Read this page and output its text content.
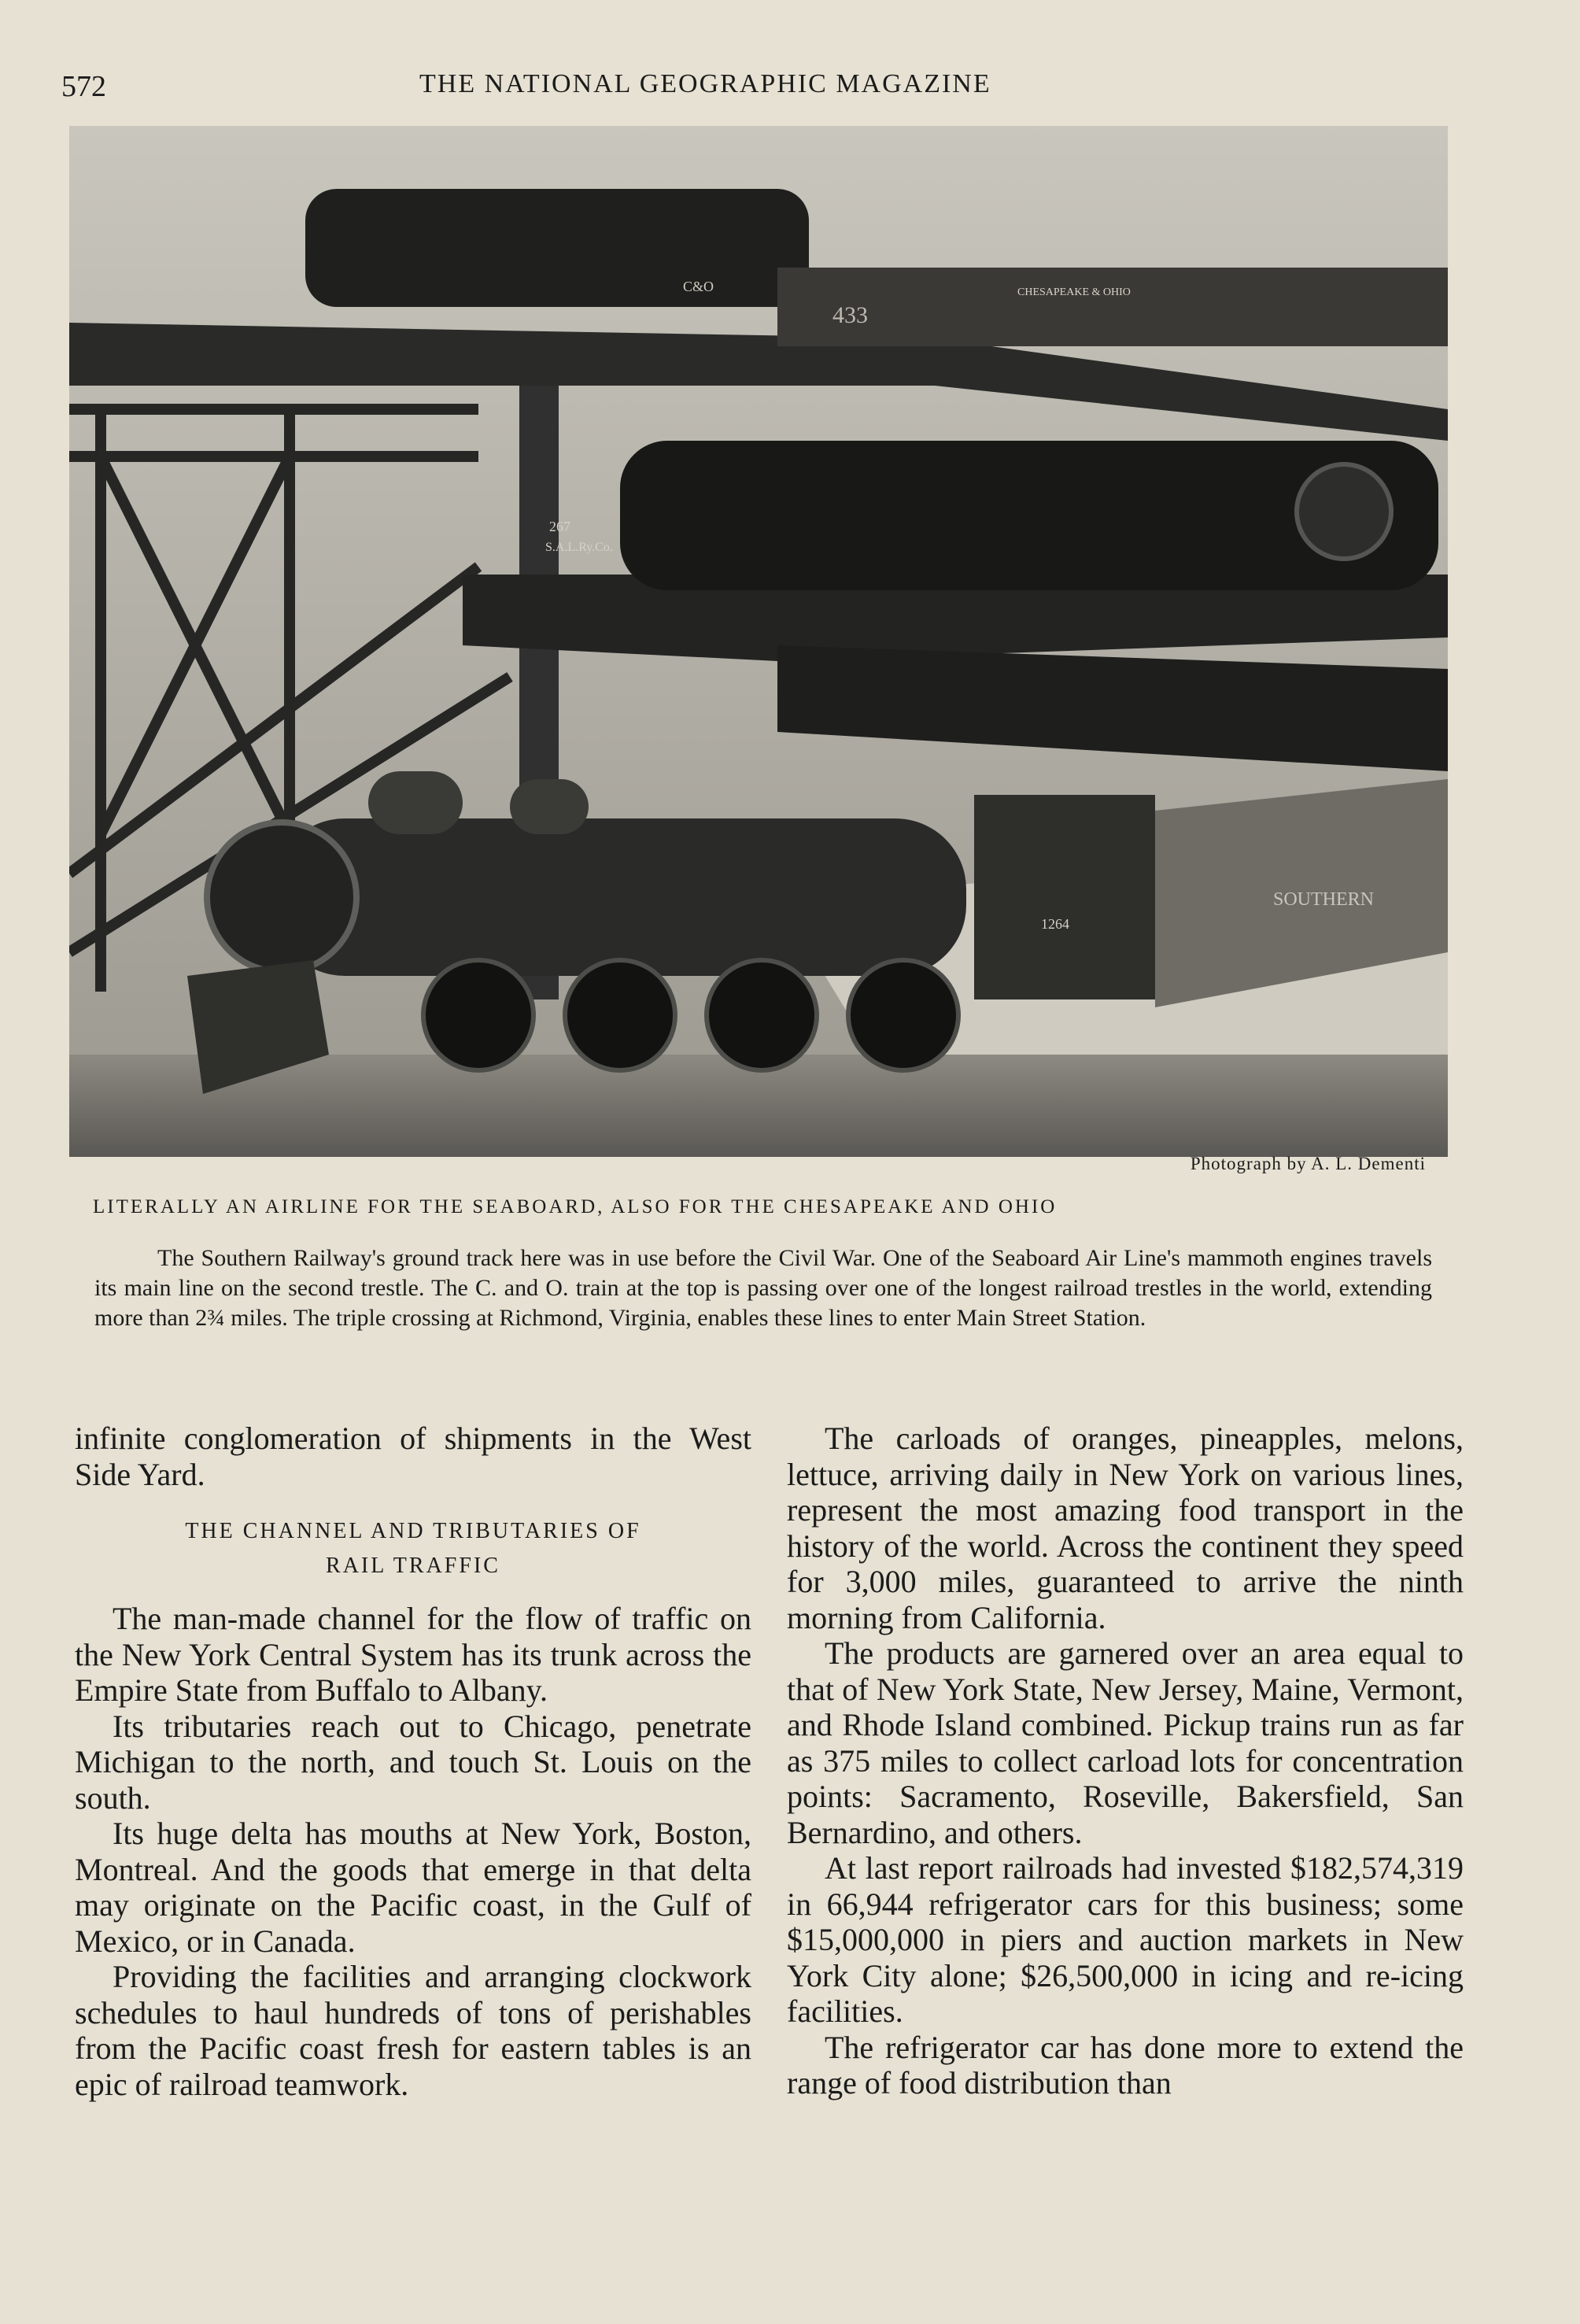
572	THE NATIONAL GEOGRAPHIC MAGAZINE
433
C&O	CHESAPEAKE & OHIO
267
S.A.L.Ry.Co.
SOUTHERN
1264
Photograph by A. L. Dementi
LITERALLY AN AIRLINE FOR THE SEABOARD, ALSO FOR THE CHESAPEAKE AND OHIO
The Southern Railway's ground track here was in use before the Civil War. One of the Seaboard Air Line's mammoth engines travels its main line on the second trestle. The C. and O. train at the top is passing over one of the longest railroad trestles in the world, extending more than 2¾ miles. The triple crossing at Richmond, Virginia, enables these lines to enter Main Street Station.

infinite conglomeration of shipments in the West Side Yard.

THE CHANNEL AND TRIBUTARIES OF
RAIL TRAFFIC

The man-made channel for the flow of traffic on the New York Central System has its trunk across the Empire State from Buffalo to Albany.

Its tributaries reach out to Chicago, penetrate Michigan to the north, and touch St. Louis on the south.

Its huge delta has mouths at New York, Boston, Montreal. And the goods that emerge in that delta may originate on the Pacific coast, in the Gulf of Mexico, or in Canada.

Providing the facilities and arranging clockwork schedules to haul hundreds of tons of perishables from the Pacific coast fresh for eastern tables is an epic of railroad teamwork.

The carloads of oranges, pineapples, melons, lettuce, arriving daily in New York on various lines, represent the most amazing food transport in the history of the world. Across the continent they speed for 3,000 miles, guaranteed to arrive the ninth morning from California.

The products are garnered over an area equal to that of New York State, New Jersey, Maine, Vermont, and Rhode Island combined. Pickup trains run as far as 375 miles to collect carload lots for concentration points: Sacramento, Roseville, Bakersfield, San Bernardino, and others.

At last report railroads had invested $182,574,319 in 66,944 refrigerator cars for this business; some $15,000,000 in piers and auction markets in New York City alone; $26,500,000 in icing and re-icing facilities.

The refrigerator car has done more to extend the range of food distribution than
